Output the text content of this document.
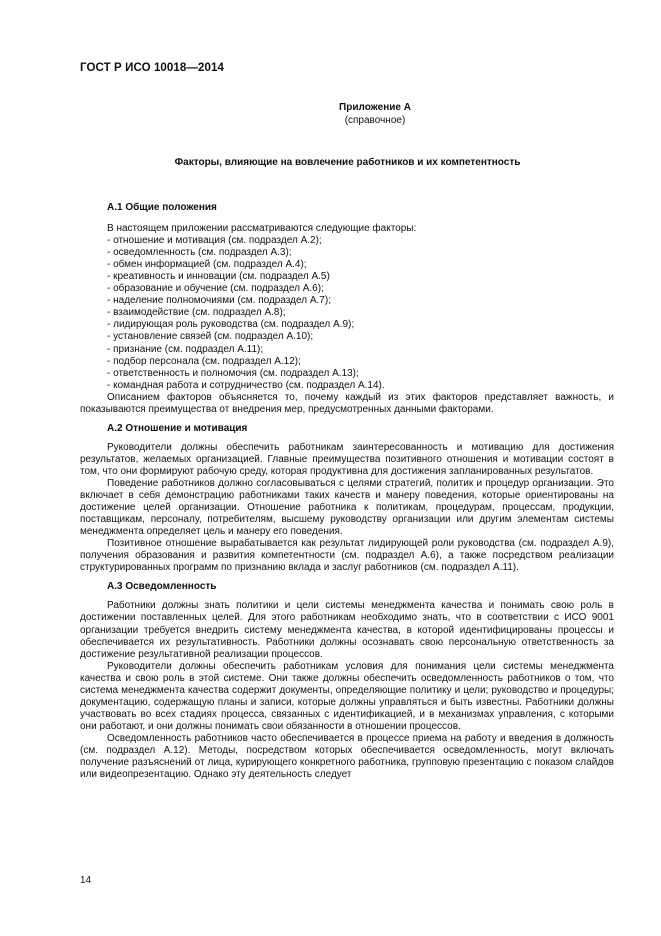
ГОСТ Р ИСО 10018—2014
Приложение А
(справочное)
Факторы, влияющие на вовлечение работников и их компетентность

А.1 Общие положения

В настоящем приложении рассматриваются следующие факторы:

- отношение и мотивация (см. подраздел А.2);

- осведомленность (см. подраздел А.3);

- обмен информацией (см. подраздел А.4);

- креативность и инновации (см. подраздел А.5)

- образование и обучение (см. подраздел А.6);

- наделение полномочиями (см. подраздел А.7);

- взаимодействие (см. подраздел А.8);

- лидирующая роль руководства (см. подраздел А.9);

- установление связей (см. подраздел А.10);

- признание (см. подраздел А.11);

- подбор персонала (см. подраздел А.12);

- ответственность и полномочия (см. подраздел А.13);

- командная работа и сотрудничество (см. подраздел А.14).

Описанием факторов объясняется то, почему каждый из этих факторов представляет важность, и показываются преимущества от внедрения мер, предусмотренных данными факторами.

А.2 Отношение и мотивация

Руководители должны обеспечить работникам заинтересованность и мотивацию для достижения результатов, желаемых организацией. Главные преимущества позитивного отношения и мотивации состоят в том, что они формируют рабочую среду, которая продуктивна для достижения запланированных результатов.

Поведение работников должно согласовываться с целями стратегий, политик и процедур организации. Это включает в себя демонстрацию работниками таких качеств и манеру поведения, которые ориентированы на достижение целей организации. Отношение работника к политикам, процедурам, процессам, продукции, поставщикам, персоналу, потребителям, высшему руководству организации или другим элементам системы менеджмента определяет цель и манеру его поведения.

Позитивное отношение вырабатывается как результат лидирующей роли руководства (см. подраздел А.9), получения образования и развития компетентности (см. подраздел А.6), а также посредством реализации структурированных программ по признанию вклада и заслуг работников (см. подраздел А.11).

А.3 Осведомленность

Работники должны знать политики и цели системы менеджмента качества и понимать свою роль в достижении поставленных целей. Для этого работникам необходимо знать, что в соответствии с ИСО 9001 организации требуется внедрить систему менеджмента качества, в которой идентифицированы процессы и обеспечивается их результативность. Работники должны осознавать свою персональную ответственность за достижение результативной реализации процессов.

Руководители должны обеспечить работникам условия для понимания цели системы менеджмента качества и свою роль в этой системе. Они также должны обеспечить осведомленность работников о том, что система менеджмента качества содержит документы, определяющие политику и цели; руководство и процедуры; документацию, содержащую планы и записи, которые должны управляться и быть известны. Работники должны участвовать во всех стадиях процесса, связанных с идентификацией, и в механизмах управления, с которыми они работают, и они должны понимать свои обязанности в отношении процессов.

Осведомленность работников часто обеспечивается в процессе приема на работу и введения в должность (см. подраздел А.12). Методы, посредством которых обеспечивается осведомленность, могут включать получение разъяснений от лица, курирующего конкретного работника, групповую презентацию с показом слайдов или видеопрезентацию. Однако эту деятельность следует

14
